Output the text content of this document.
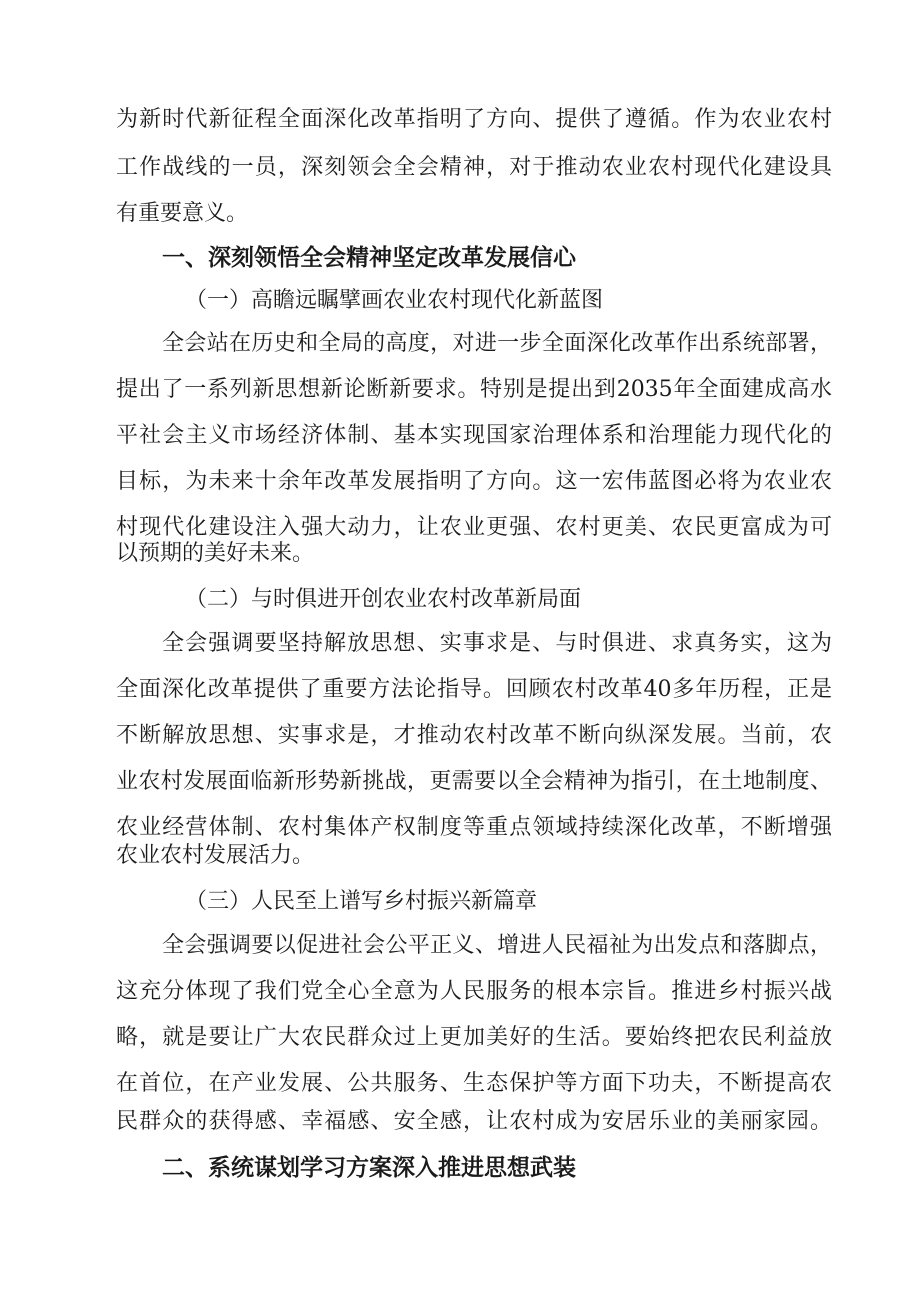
为新时代新征程全面深化改革指明了方向、提供了遵循。作为农业农村
工作战线的一员，深刻领会全会精神，对于推动农业农村现代化建设具
有重要意义。
一、深刻领悟全会精神坚定改革发展信心
（一）高瞻远瞩擘画农业农村现代化新蓝图
全会站在历史和全局的高度，对进一步全面深化改革作出系统部署，
提出了一系列新思想新论断新要求。特别是提出到2035年全面建成高水
平社会主义市场经济体制、基本实现国家治理体系和治理能力现代化的
目标，为未来十余年改革发展指明了方向。这一宏伟蓝图必将为农业农
村现代化建设注入强大动力，让农业更强、农村更美、农民更富成为可
以预期的美好未来。
（二）与时俱进开创农业农村改革新局面
全会强调要坚持解放思想、实事求是、与时俱进、求真务实，这为
全面深化改革提供了重要方法论指导。回顾农村改革40多年历程，正是
不断解放思想、实事求是，才推动农村改革不断向纵深发展。当前，农
业农村发展面临新形势新挑战，更需要以全会精神为指引，在土地制度、
农业经营体制、农村集体产权制度等重点领域持续深化改革，不断增强
农业农村发展活力。
（三）人民至上谱写乡村振兴新篇章
全会强调要以促进社会公平正义、增进人民福祉为出发点和落脚点，
这充分体现了我们党全心全意为人民服务的根本宗旨。推进乡村振兴战
略，就是要让广大农民群众过上更加美好的生活。要始终把农民利益放
在首位，在产业发展、公共服务、生态保护等方面下功夫，不断提高农
民群众的获得感、幸福感、安全感，让农村成为安居乐业的美丽家园。
二、系统谋划学习方案深入推进思想武装
